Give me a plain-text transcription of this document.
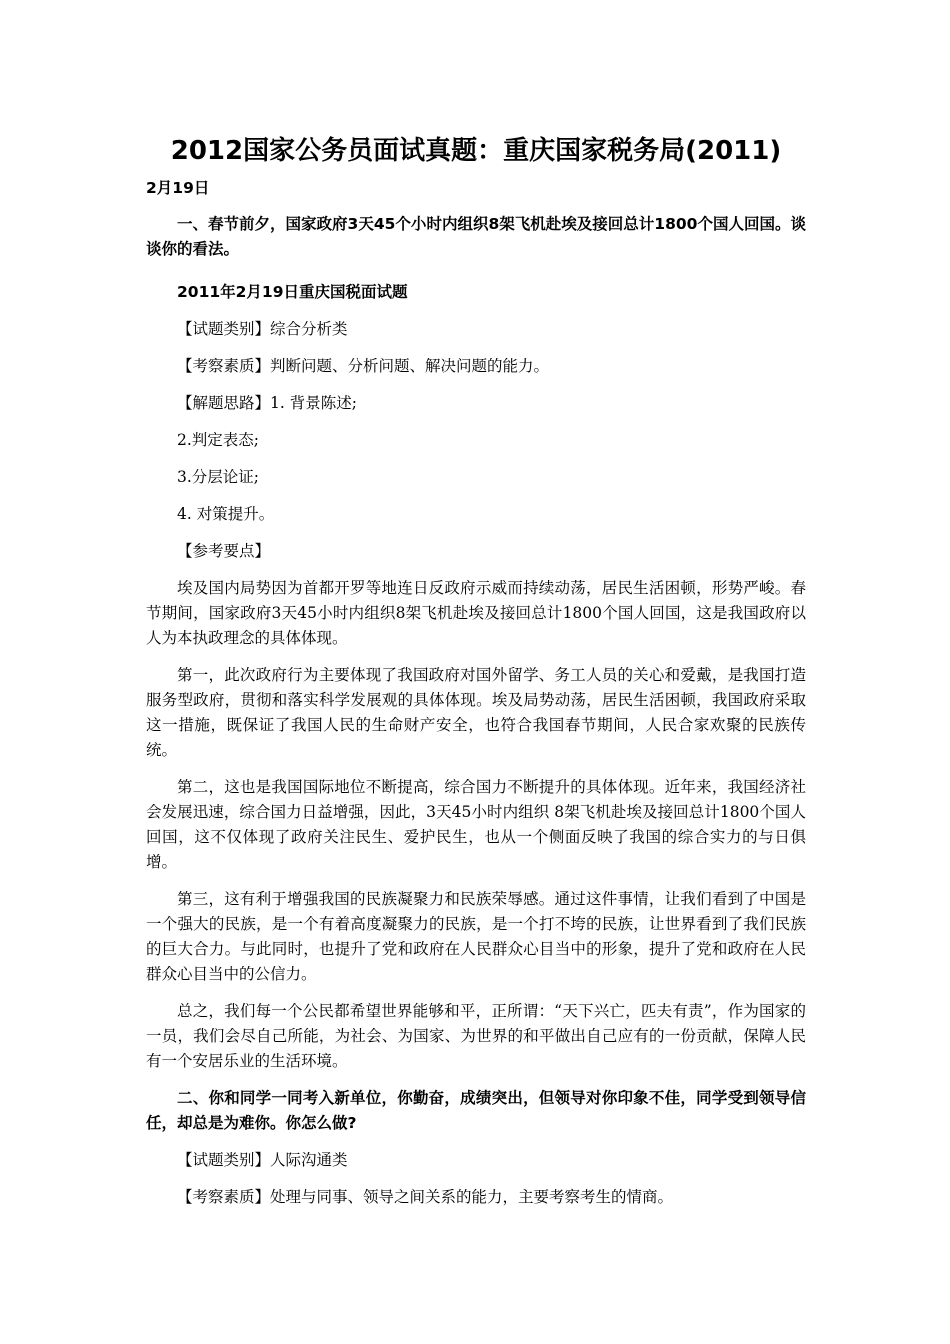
2012国家公务员面试真题：重庆国家税务局(2011)
2月19日

一、春节前夕，国家政府3天45个小时内组织8架飞机赴埃及接回总计1800个国人回国。谈谈你的看法。

2011年2月19日重庆国税面试题

【试题类别】综合分析类

【考察素质】判断问题、分析问题、解决问题的能力。

【解题思路】1. 背景陈述;

2.判定表态;

3.分层论证;

4. 对策提升。

【参考要点】

埃及国内局势因为首都开罗等地连日反政府示威而持续动荡，居民生活困顿，形势严峻。春节期间，国家政府3天45小时内组织8架飞机赴埃及接回总计1800个国人回国，这是我国政府以人为本执政理念的具体体现。

第一，此次政府行为主要体现了我国政府对国外留学、务工人员的关心和爱戴，是我国打造服务型政府，贯彻和落实科学发展观的具体体现。埃及局势动荡，居民生活困顿，我国政府采取这一措施，既保证了我国人民的生命财产安全，也符合我国春节期间，人民合家欢聚的民族传统。

第二，这也是我国国际地位不断提高，综合国力不断提升的具体体现。近年来，我国经济社会发展迅速，综合国力日益增强，因此，3天45小时内组织 8架飞机赴埃及接回总计1800个国人回国，这不仅体现了政府关注民生、爱护民生，也从一个侧面反映了我国的综合实力的与日俱增。

第三，这有利于增强我国的民族凝聚力和民族荣辱感。通过这件事情，让我们看到了中国是一个强大的民族，是一个有着高度凝聚力的民族，是一个打不垮的民族，让世界看到了我们民族的巨大合力。与此同时，也提升了党和政府在人民群众心目当中的形象，提升了党和政府在人民群众心目当中的公信力。

总之，我们每一个公民都希望世界能够和平，正所谓：“天下兴亡，匹夫有责”，作为国家的一员，我们会尽自己所能，为社会、为国家、为世界的和平做出自己应有的一份贡献，保障人民有一个安居乐业的生活环境。

二、你和同学一同考入新单位，你勤奋，成绩突出，但领导对你印象不佳，同学受到领导信任，却总是为难你。你怎么做?

【试题类别】人际沟通类

【考察素质】处理与同事、领导之间关系的能力，主要考察考生的情商。
